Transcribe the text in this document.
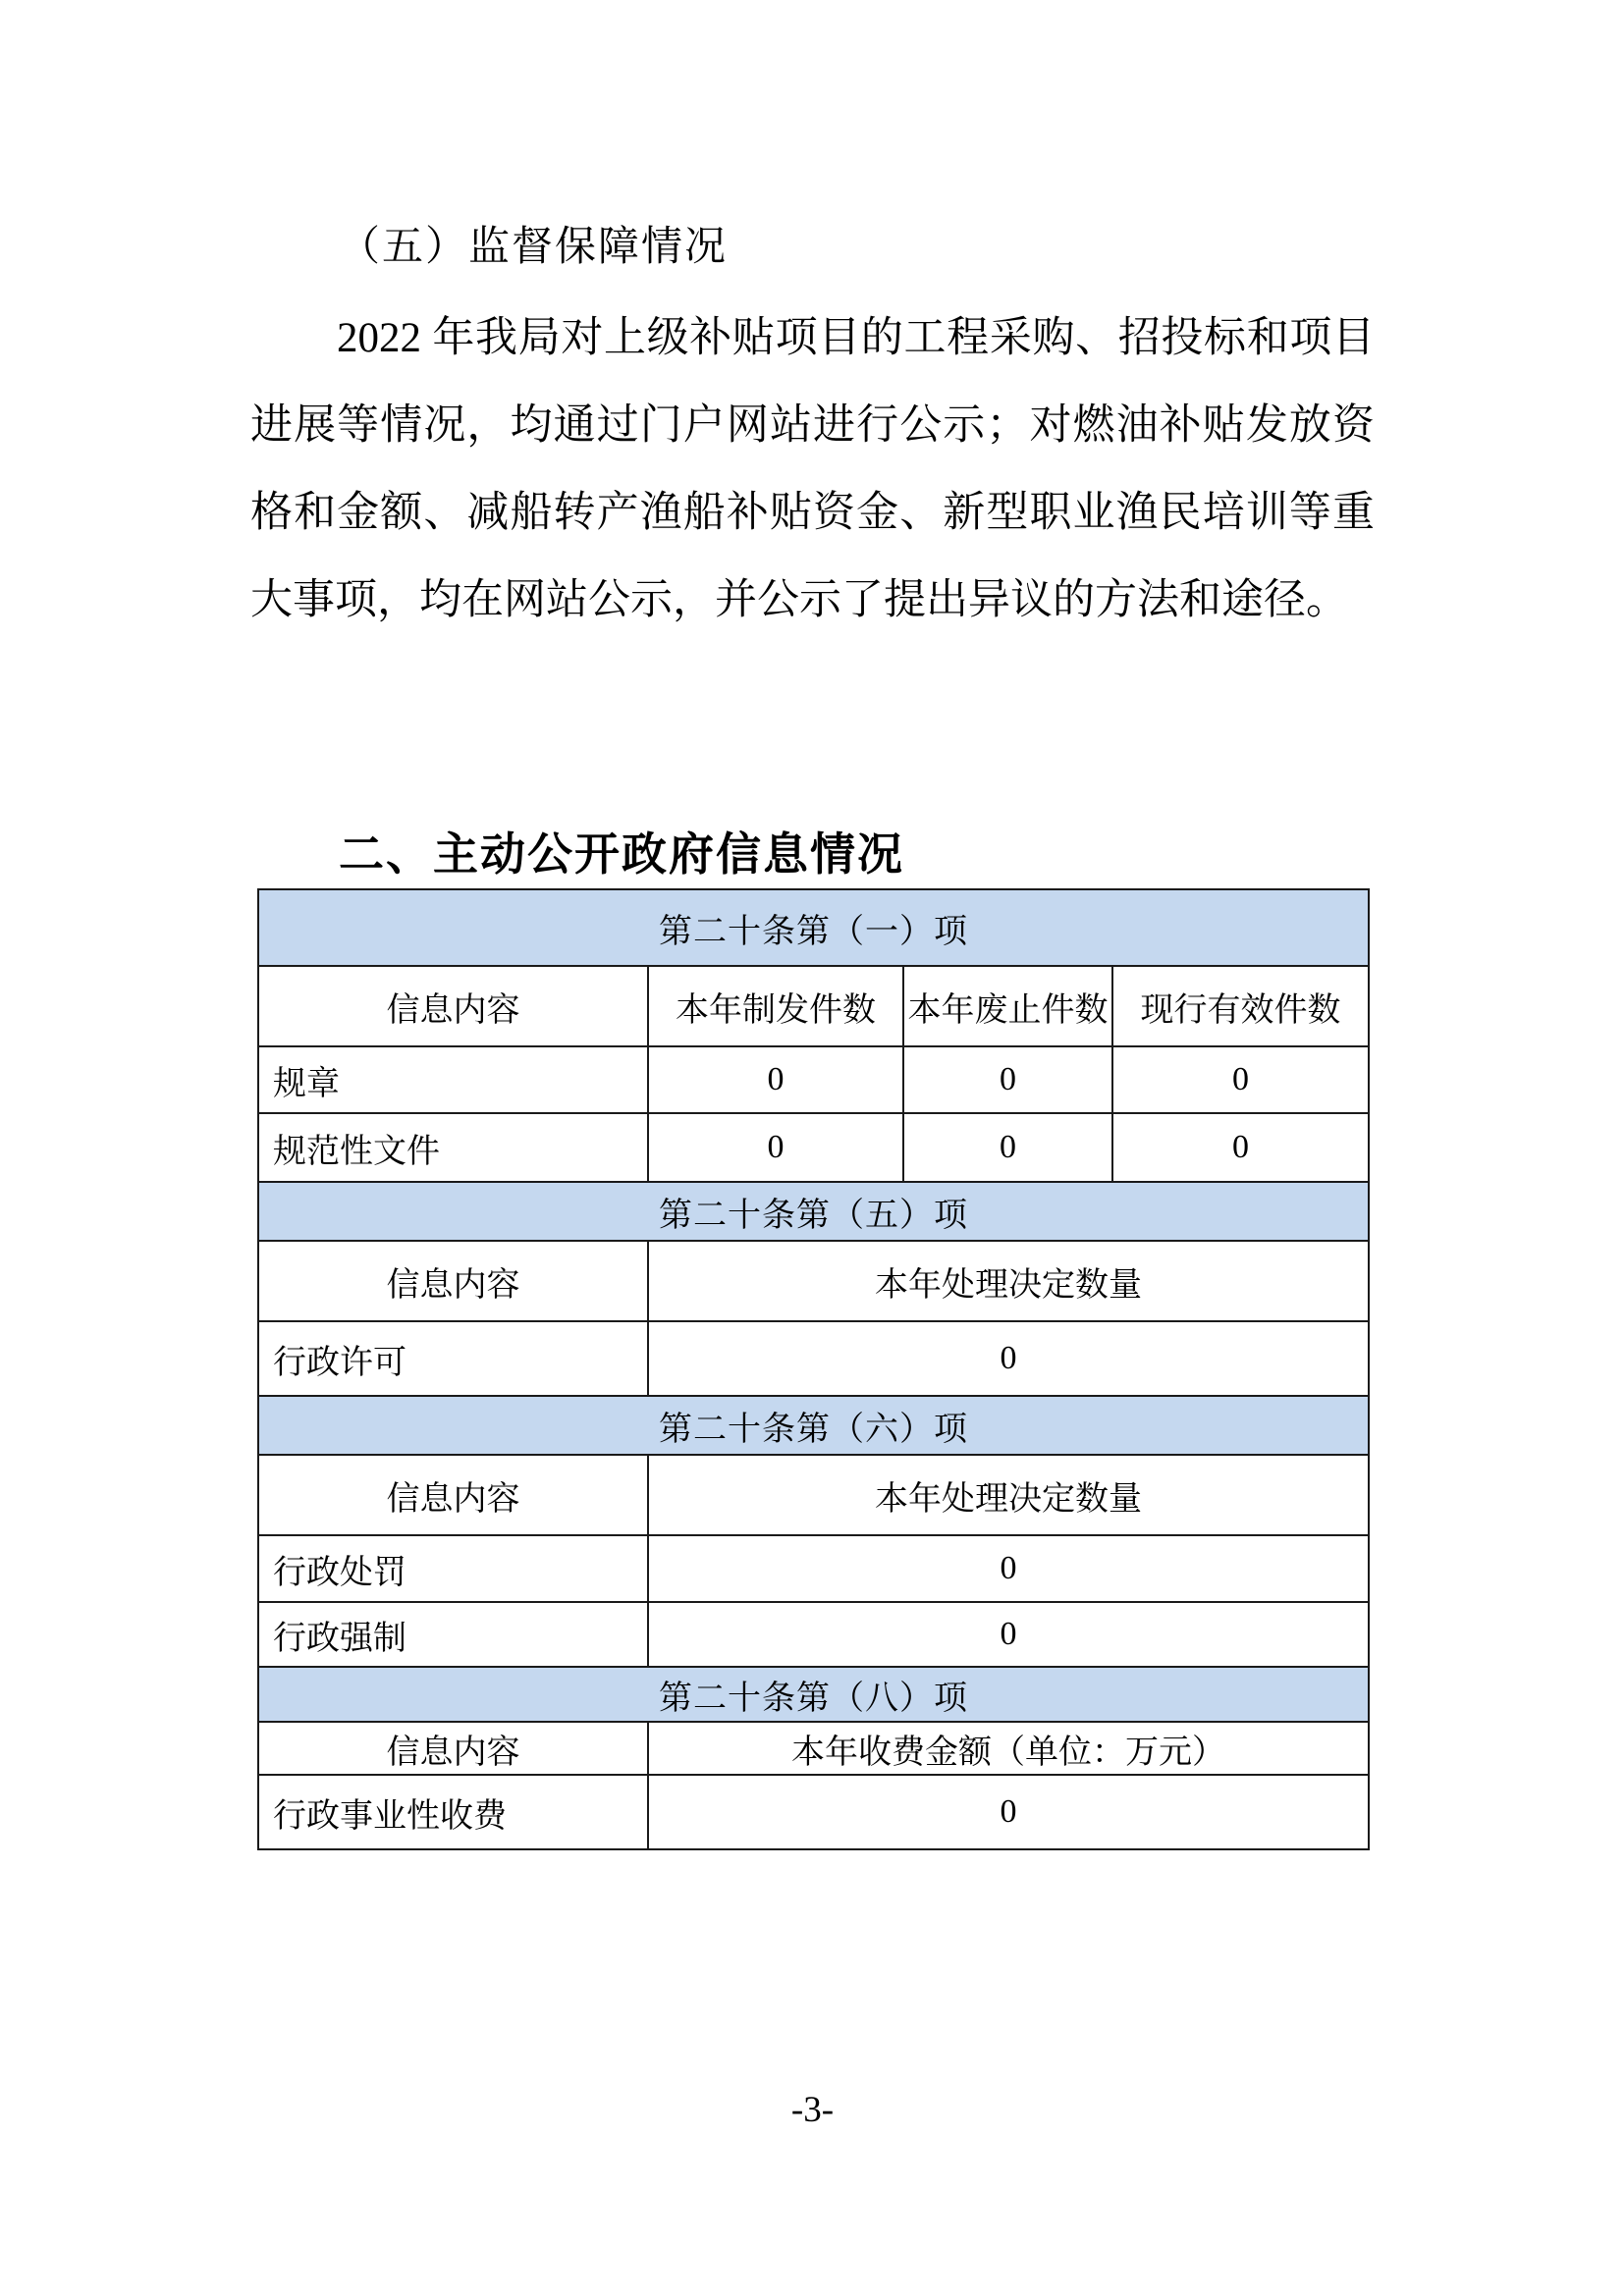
（五）监督保障情况
2022 年我局对上级补贴项目的工程采购、招投标和项目
进展等情况，均通过门户网站进行公示；对燃油补贴发放资
格和金额、减船转产渔船补贴资金、新型职业渔民培训等重
大事项，均在网站公示，并公示了提出异议的方法和途径。
二、主动公开政府信息情况
第二十条第（一）项			
信息内容	本年制发件数	本年废止件数	现行有效件数
规章	0	0	0
规范性文件	0	0	0
第二十条第（五）项			
信息内容	本年处理决定数量		
行政许可	0		
第二十条第（六）项			
信息内容	本年处理决定数量		
行政处罚	0		
行政强制	0		
第二十条第（八）项			
信息内容	本年收费金额（单位：万元）		
行政事业性收费	0		
-3-
